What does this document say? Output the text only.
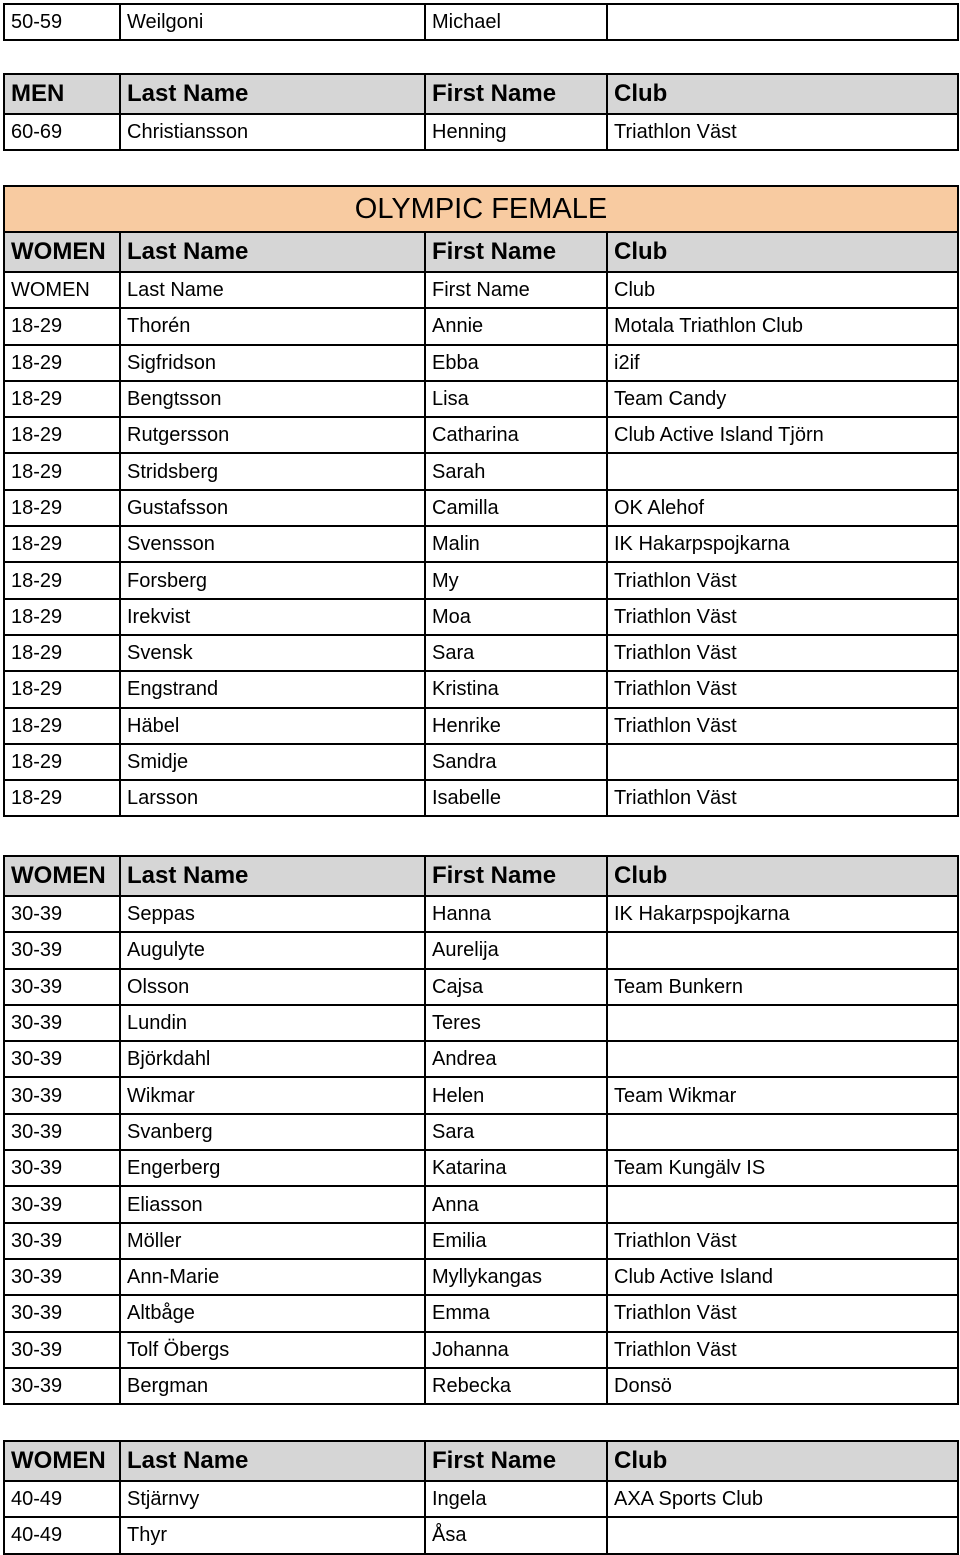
50-59	Weilgoni	Michael	
MEN	Last Name	First Name	Club
60-69	Christiansson	Henning	Triathlon Väst
OLYMPIC FEMALE			
WOMEN	Last Name	First Name	Club
WOMEN	Last Name	First Name	Club
18-29	Thorén	Annie	Motala Triathlon Club
18-29	Sigfridson	Ebba	i2if
18-29	Bengtsson	Lisa	Team Candy
18-29	Rutgersson	Catharina	Club Active Island Tjörn
18-29	Stridsberg	Sarah	
18-29	Gustafsson	Camilla	OK Alehof
18-29	Svensson	Malin	IK Hakarpspojkarna
18-29	Forsberg	My	Triathlon Väst
18-29	Irekvist	Moa	Triathlon Väst
18-29	Svensk	Sara	Triathlon Väst
18-29	Engstrand	Kristina	Triathlon Väst
18-29	Häbel	Henrike	Triathlon Väst
18-29	Smidje	Sandra	
18-29	Larsson	Isabelle	Triathlon Väst
WOMEN	Last Name	First Name	Club
30-39	Seppas	Hanna	IK Hakarpspojkarna
30-39	Augulyte	Aurelija	
30-39	Olsson	Cajsa	Team Bunkern
30-39	Lundin	Teres	
30-39	Björkdahl	Andrea	
30-39	Wikmar	Helen	Team Wikmar
30-39	Svanberg	Sara	
30-39	Engerberg	Katarina	Team Kungälv IS
30-39	Eliasson	Anna	
30-39	Möller	Emilia	Triathlon Väst
30-39	Ann-Marie	Myllykangas	Club Active Island
30-39	Altbåge	Emma	Triathlon Väst
30-39	Tolf Öbergs	Johanna	Triathlon Väst
30-39	Bergman	Rebecka	Donsö
WOMEN	Last Name	First Name	Club
40-49	Stjärnvy	Ingela	AXA Sports Club
40-49	Thyr	Åsa	
